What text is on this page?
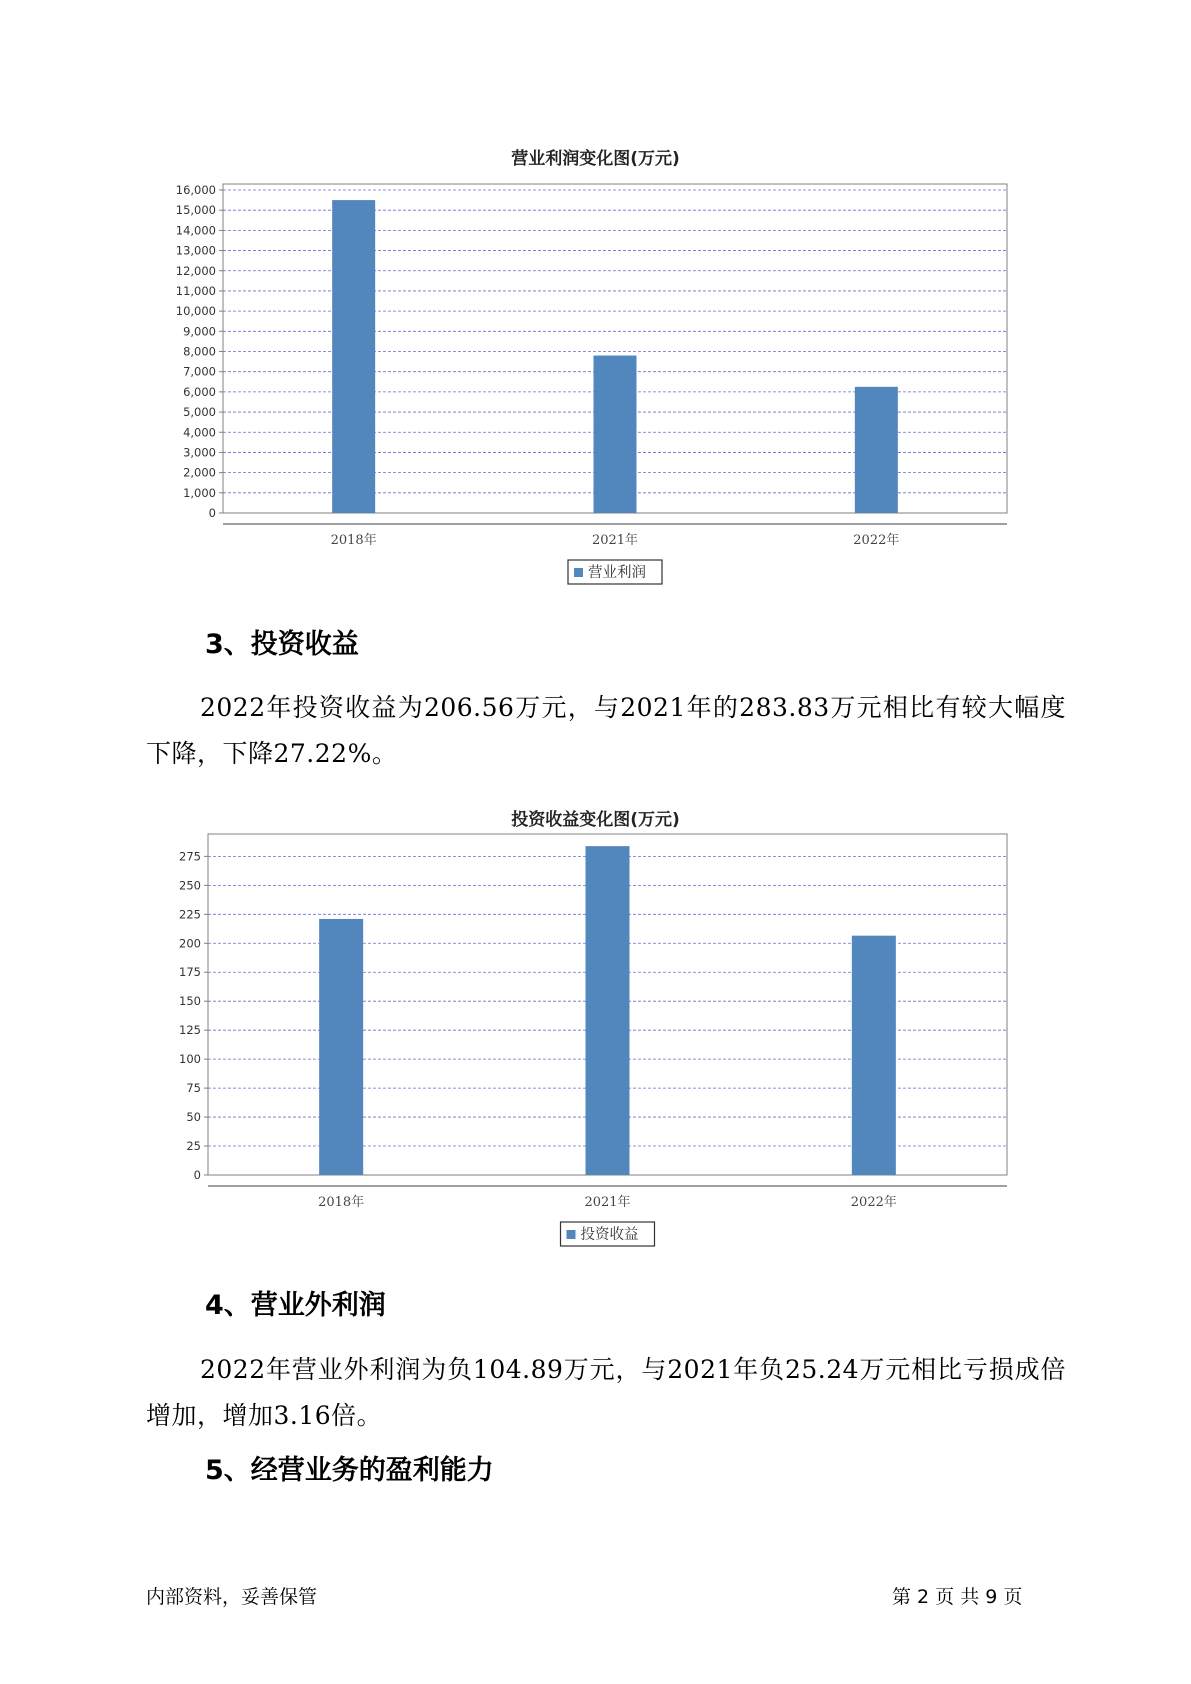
营业利润变化图(万元)
0
1,000
2,000
3,000
4,000
5,000
6,000
7,000
8,000
9,000
10,000
11,000
12,000
13,000
14,000
15,000
16,000
2018年	2021年	2022年
营业利润
3、投资收益
2022年投资收益为206.56万元，与2021年的283.83万元相比有较大幅度下降，下降27.22%。
投资收益变化图(万元)
0
25
50
75
100
125
150
175
200
225
250
275
2018年	2021年	2022年
投资收益
4、营业外利润
2022年营业外利润为负104.89万元，与2021年负25.24万元相比亏损成倍增加，增加3.16倍。
5、经营业务的盈利能力
内部资料，妥善保管	第 2 页 共 9 页
